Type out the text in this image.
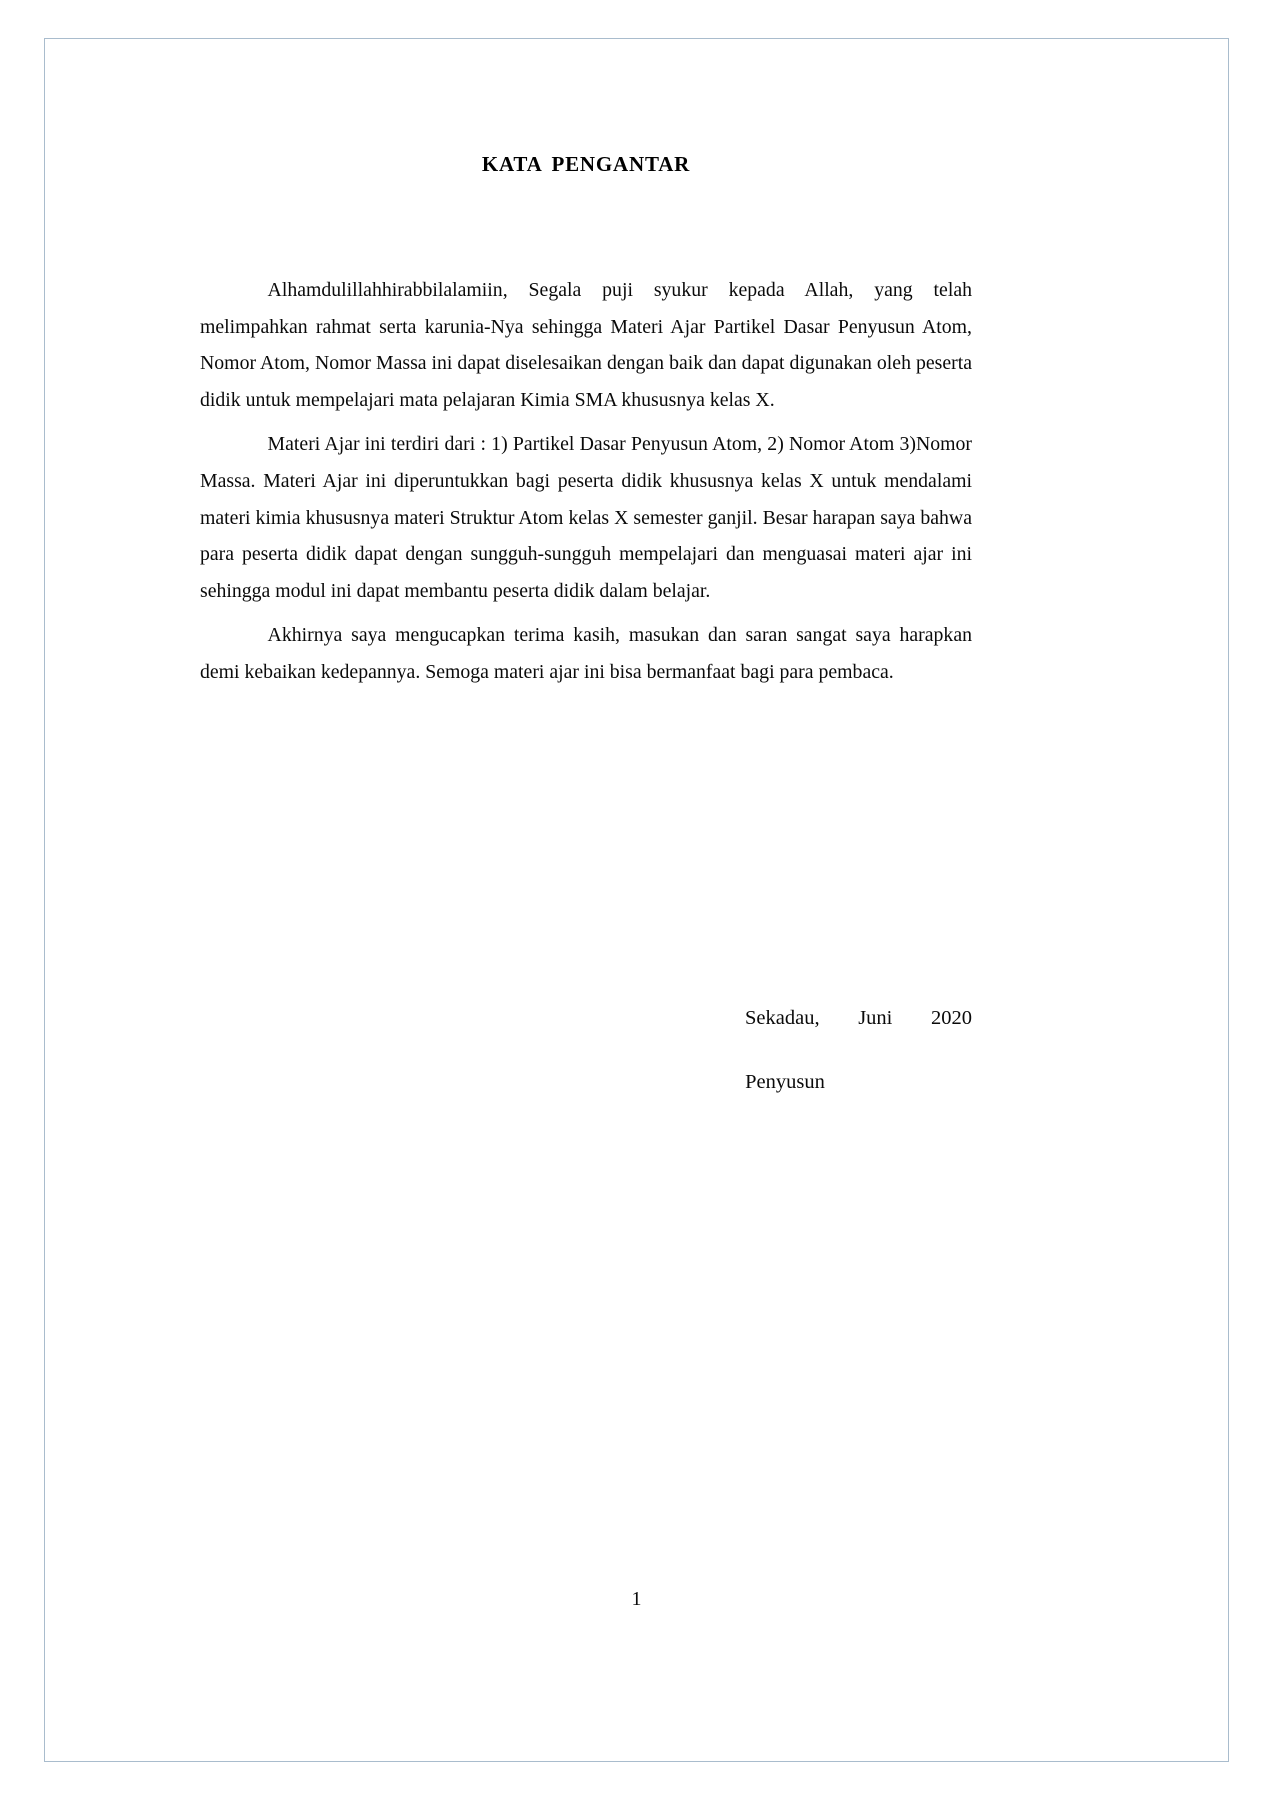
KATA PENGANTAR

Alhamdulillahhirabbilalamiin, Segala puji syukur kepada Allah, yang telah melimpahkan rahmat serta karunia-Nya sehingga Materi Ajar Partikel Dasar Penyusun Atom, Nomor Atom, Nomor Massa ini dapat diselesaikan dengan baik dan dapat digunakan oleh peserta didik untuk mempelajari mata pelajaran Kimia SMA khususnya kelas X.

Materi Ajar ini terdiri dari : 1) Partikel Dasar Penyusun Atom, 2) Nomor Atom 3)Nomor Massa. Materi Ajar ini diperuntukkan bagi peserta didik khususnya kelas X untuk mendalami materi kimia khususnya materi Struktur Atom kelas X semester ganjil. Besar harapan saya bahwa para peserta didik dapat dengan sungguh-sungguh mempelajari dan menguasai materi ajar ini sehingga modul ini dapat membantu peserta didik dalam belajar.

Akhirnya saya mengucapkan terima kasih, masukan dan saran sangat saya harapkan demi kebaikan kedepannya. Semoga materi ajar ini bisa bermanfaat bagi para pembaca.

Sekadau, Juni 2020

Penyusun

1
